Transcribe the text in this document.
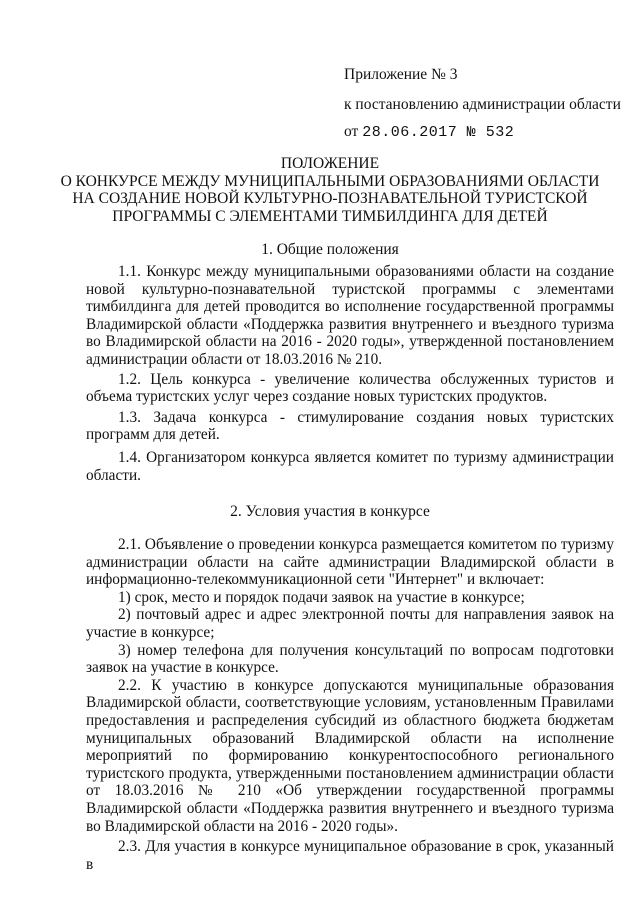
Приложение № 3
к постановлению администрации области
от 28.06.2017 № 532
ПОЛОЖЕНИЕ
О КОНКУРСЕ МЕЖДУ МУНИЦИПАЛЬНЫМИ ОБРАЗОВАНИЯМИ ОБЛАСТИ
НА СОЗДАНИЕ НОВОЙ КУЛЬТУРНО-ПОЗНАВАТЕЛЬНОЙ ТУРИСТСКОЙ
ПРОГРАММЫ С ЭЛЕМЕНТАМИ ТИМБИЛДИНГА ДЛЯ ДЕТЕЙ
1. Общие положения
1.1. Конкурс между муниципальными образованиями области на создание новой культурно-познавательной туристской программы с элементами тимбилдинга для детей проводится во исполнение государственной программы Владимирской области «Поддержка развития внутреннего и въездного туризма во Владимирской области на 2016 - 2020 годы», утвержденной постановлением администрации области от 18.03.2016 № 210.
1.2. Цель конкурса - увеличение количества обслуженных туристов и объема туристских услуг через создание новых туристских продуктов.
1.3. Задача конкурса - стимулирование создания новых туристских программ для детей.
1.4. Организатором конкурса является комитет по туризму администрации области.
2. Условия участия в конкурсе
2.1. Объявление о проведении конкурса размещается комитетом по туризму администрации области на сайте администрации Владимирской области в информационно-телекоммуникационной сети "Интернет" и включает:
1) срок, место и порядок подачи заявок на участие в конкурсе;
2) почтовый адрес и адрес электронной почты для направления заявок на участие в конкурсе;
3) номер телефона для получения консультаций по вопросам подготовки заявок на участие в конкурсе.
2.2. К участию в конкурсе допускаются муниципальные образования Владимирской области, соответствующие условиям, установленным Правилами предоставления и распределения субсидий из областного бюджета бюджетам муниципальных образований Владимирской области на исполнение мероприятий по формированию конкурентоспособного регионального туристского продукта, утвержденными постановлением администрации области от 18.03.2016 № 210 «Об утверждении государственной программы Владимирской области «Поддержка развития внутреннего и въездного туризма во Владимирской области на 2016 - 2020 годы».
2.3. Для участия в конкурсе муниципальное образование в срок, указанный в
